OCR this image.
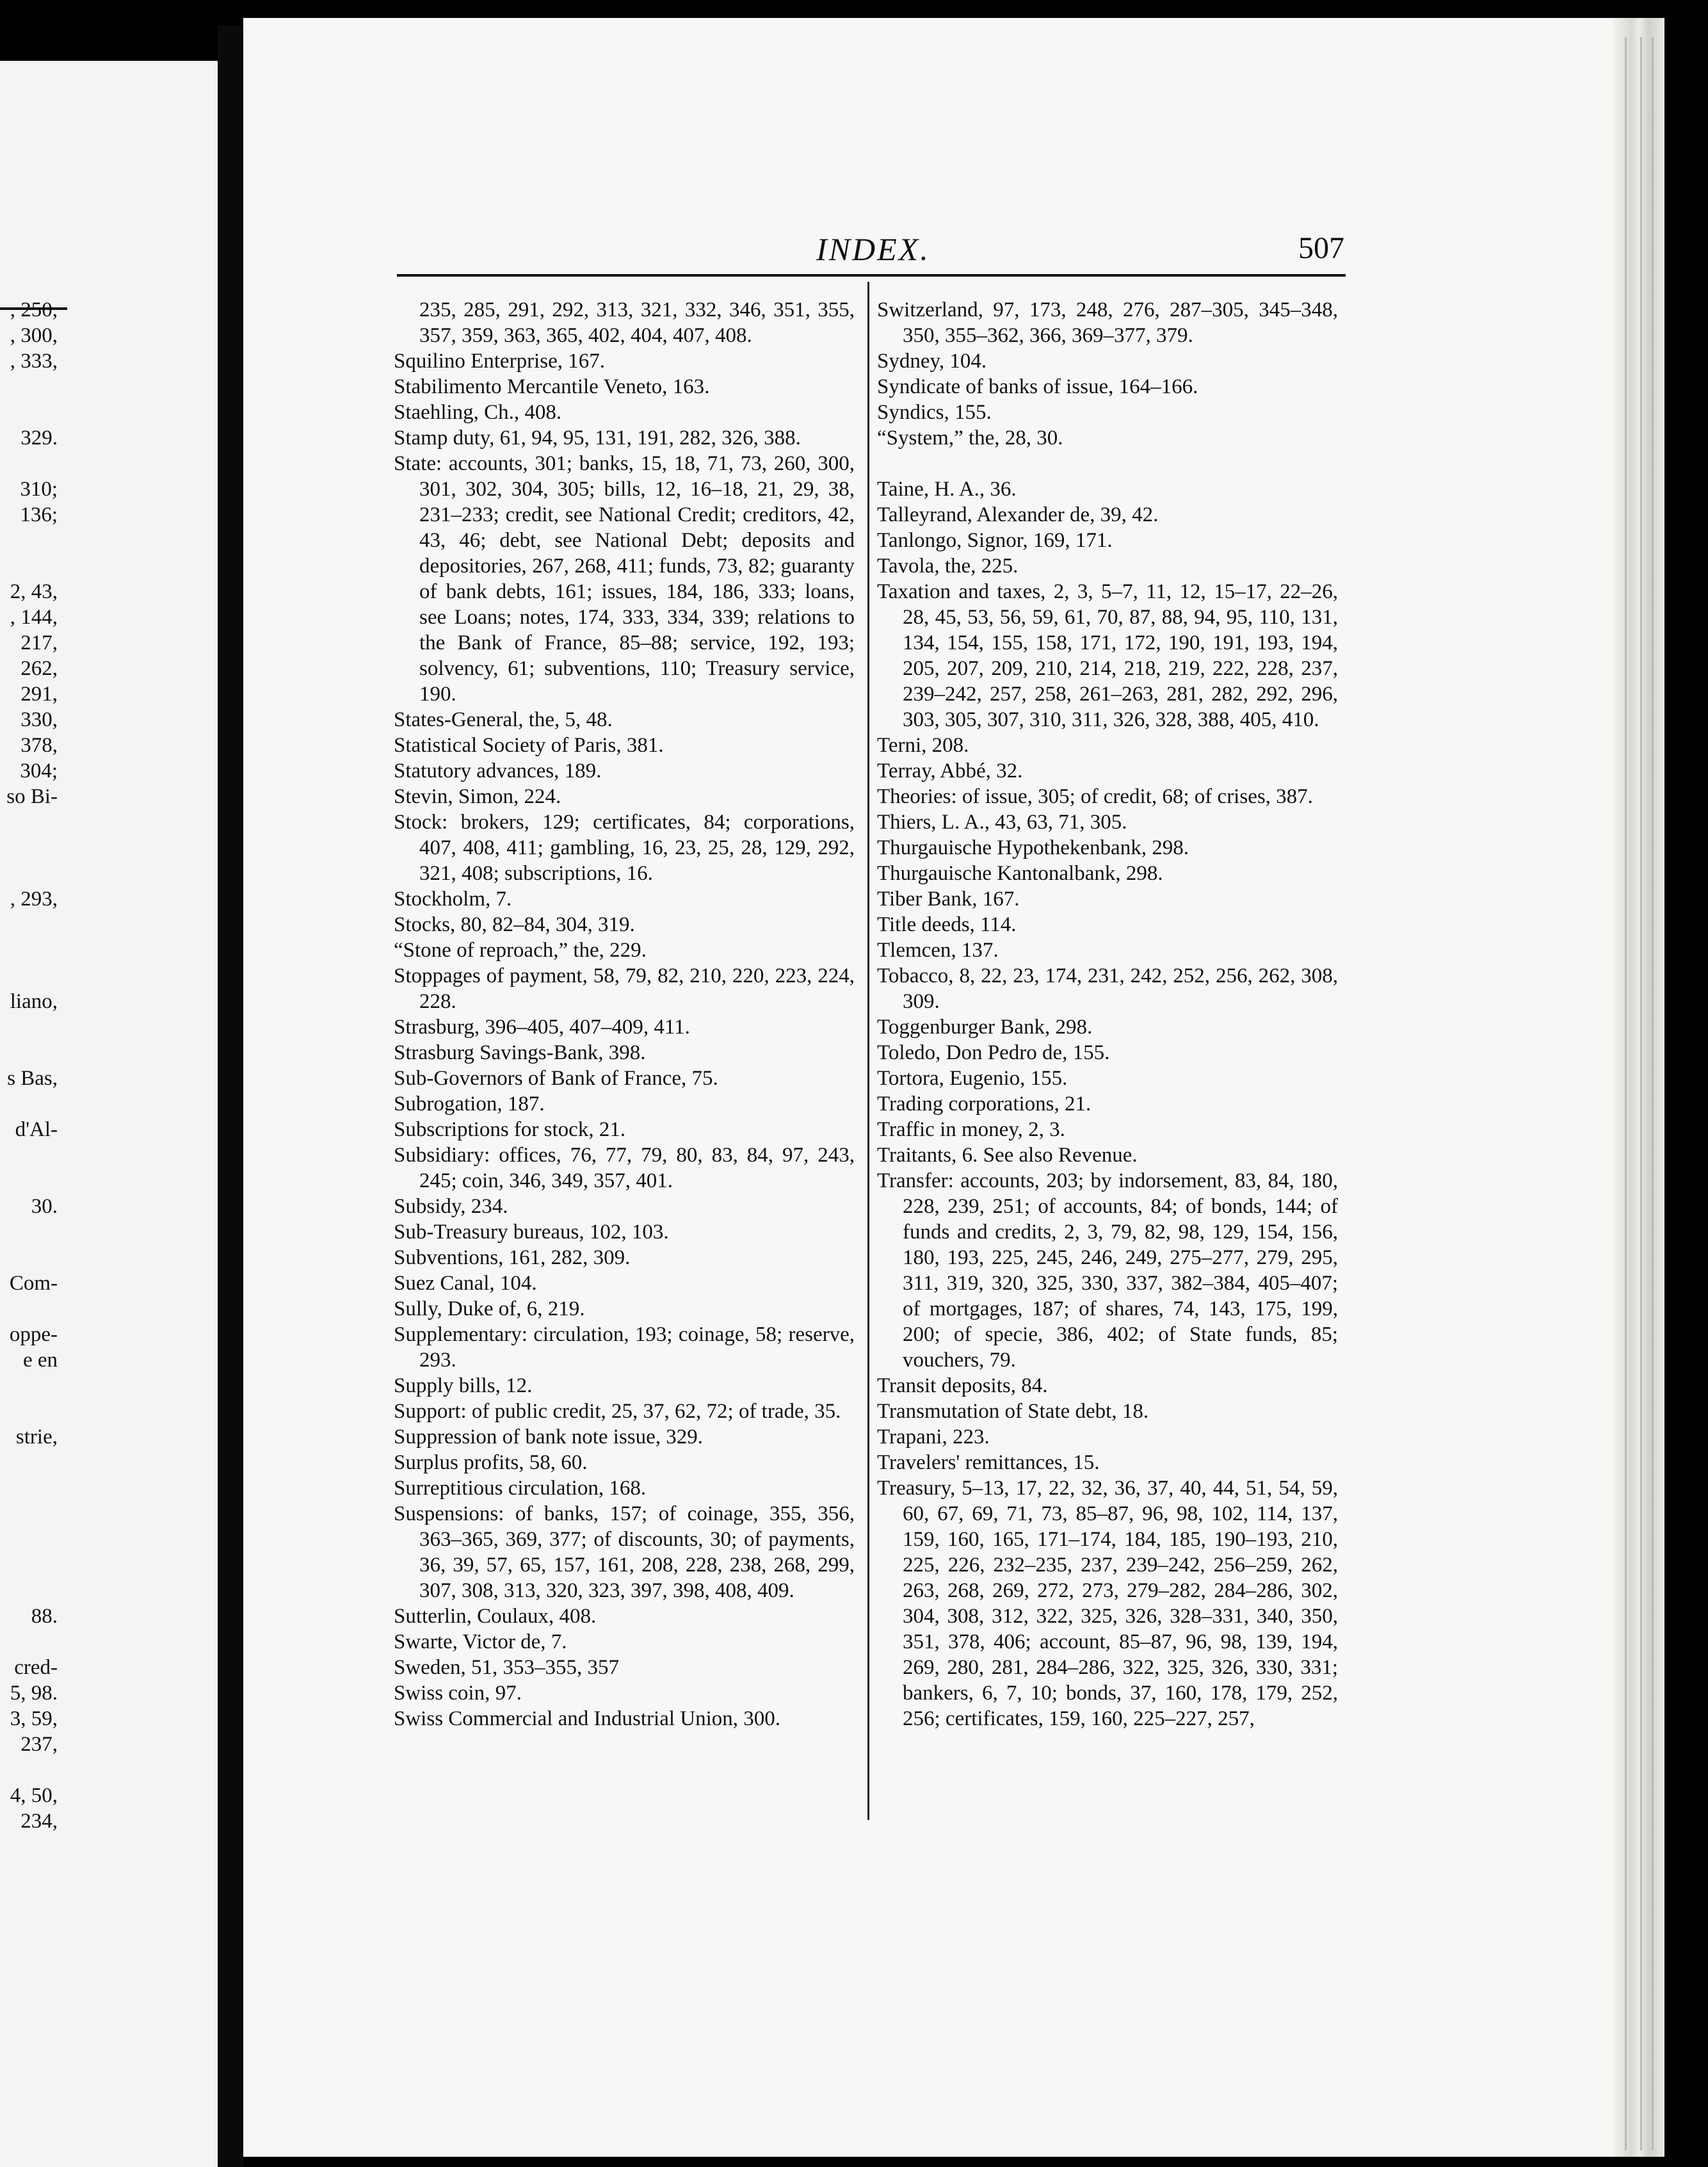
, 250,
, 300,
, 333,
329.
310;
136;
2, 43,
, 144,
217,
262,
291,
330,
378,
304;
so Bi-
, 293,
liano,
s Bas,
d'Al-
30.
Com-
oppe-
e en
strie,
88.
cred-
5, 98.
3, 59,
237,
4, 50,
234,
INDEX.	507

235, 285, 291, 292, 313, 321, 332, 346, 351, 355, 357, 359, 363, 365, 402, 404, 407, 408.

Squilino Enterprise, 167.

Stabilimento Mercantile Veneto, 163.

Staehling, Ch., 408.

Stamp duty, 61, 94, 95, 131, 191, 282, 326, 388.

State: accounts, 301; banks, 15, 18, 71, 73, 260, 300, 301, 302, 304, 305; bills, 12, 16–18, 21, 29, 38, 231–233; credit, see National Credit; creditors, 42, 43, 46; debt, see National Debt; deposits and depositories, 267, 268, 411; funds, 73, 82; guaranty of bank debts, 161; issues, 184, 186, 333; loans, see Loans; notes, 174, 333, 334, 339; relations to the Bank of France, 85–88; service, 192, 193; solvency, 61; subventions, 110; Treasury service, 190.

States-General, the, 5, 48.

Statistical Society of Paris, 381.

Statutory advances, 189.

Stevin, Simon, 224.

Stock: brokers, 129; certificates, 84; corporations, 407, 408, 411; gambling, 16, 23, 25, 28, 129, 292, 321, 408; subscriptions, 16.

Stockholm, 7.

Stocks, 80, 82–84, 304, 319.

“Stone of reproach,” the, 229.

Stoppages of payment, 58, 79, 82, 210, 220, 223, 224, 228.

Strasburg, 396–405, 407–409, 411.

Strasburg Savings-Bank, 398.

Sub-Governors of Bank of France, 75.

Subrogation, 187.

Subscriptions for stock, 21.

Subsidiary: offices, 76, 77, 79, 80, 83, 84, 97, 243, 245; coin, 346, 349, 357, 401.

Subsidy, 234.

Sub-Treasury bureaus, 102, 103.

Subventions, 161, 282, 309.

Suez Canal, 104.

Sully, Duke of, 6, 219.

Supplementary: circulation, 193; coinage, 58; reserve, 293.

Supply bills, 12.

Support: of public credit, 25, 37, 62, 72; of trade, 35.

Suppression of bank note issue, 329.

Surplus profits, 58, 60.

Surreptitious circulation, 168.

Suspensions: of banks, 157; of coinage, 355, 356, 363–365, 369, 377; of discounts, 30; of payments, 36, 39, 57, 65, 157, 161, 208, 228, 238, 268, 299, 307, 308, 313, 320, 323, 397, 398, 408, 409.

Sutterlin, Coulaux, 408.

Swarte, Victor de, 7.

Sweden, 51, 353–355, 357

Swiss coin, 97.

Swiss Commercial and Industrial Union, 300.

Switzerland, 97, 173, 248, 276, 287–305, 345–348, 350, 355–362, 366, 369–377, 379.

Sydney, 104.

Syndicate of banks of issue, 164–166.

Syndics, 155.

“System,” the, 28, 30.

Taine, H. A., 36.

Talleyrand, Alexander de, 39, 42.

Tanlongo, Signor, 169, 171.

Tavola, the, 225.

Taxation and taxes, 2, 3, 5–7, 11, 12, 15–17, 22–26, 28, 45, 53, 56, 59, 61, 70, 87, 88, 94, 95, 110, 131, 134, 154, 155, 158, 171, 172, 190, 191, 193, 194, 205, 207, 209, 210, 214, 218, 219, 222, 228, 237, 239–242, 257, 258, 261–263, 281, 282, 292, 296, 303, 305, 307, 310, 311, 326, 328, 388, 405, 410.

Terni, 208.

Terray, Abbé, 32.

Theories: of issue, 305; of credit, 68; of crises, 387.

Thiers, L. A., 43, 63, 71, 305.

Thurgauische Hypothekenbank, 298.

Thurgauische Kantonalbank, 298.

Tiber Bank, 167.

Title deeds, 114.

Tlemcen, 137.

Tobacco, 8, 22, 23, 174, 231, 242, 252, 256, 262, 308, 309.

Toggenburger Bank, 298.

Toledo, Don Pedro de, 155.

Tortora, Eugenio, 155.

Trading corporations, 21.

Traffic in money, 2, 3.

Traitants, 6. See also Revenue.

Transfer: accounts, 203; by indorsement, 83, 84, 180, 228, 239, 251; of accounts, 84; of bonds, 144; of funds and credits, 2, 3, 79, 82, 98, 129, 154, 156, 180, 193, 225, 245, 246, 249, 275–277, 279, 295, 311, 319, 320, 325, 330, 337, 382–384, 405–407; of mortgages, 187; of shares, 74, 143, 175, 199, 200; of specie, 386, 402; of State funds, 85; vouchers, 79.

Transit deposits, 84.

Transmutation of State debt, 18.

Trapani, 223.

Travelers' remittances, 15.

Treasury, 5–13, 17, 22, 32, 36, 37, 40, 44, 51, 54, 59, 60, 67, 69, 71, 73, 85–87, 96, 98, 102, 114, 137, 159, 160, 165, 171–174, 184, 185, 190–193, 210, 225, 226, 232–235, 237, 239–242, 256–259, 262, 263, 268, 269, 272, 273, 279–282, 284–286, 302, 304, 308, 312, 322, 325, 326, 328–331, 340, 350, 351, 378, 406; account, 85–87, 96, 98, 139, 194, 269, 280, 281, 284–286, 322, 325, 326, 330, 331; bankers, 6, 7, 10; bonds, 37, 160, 178, 179, 252, 256; certificates, 159, 160, 225–227, 257,
